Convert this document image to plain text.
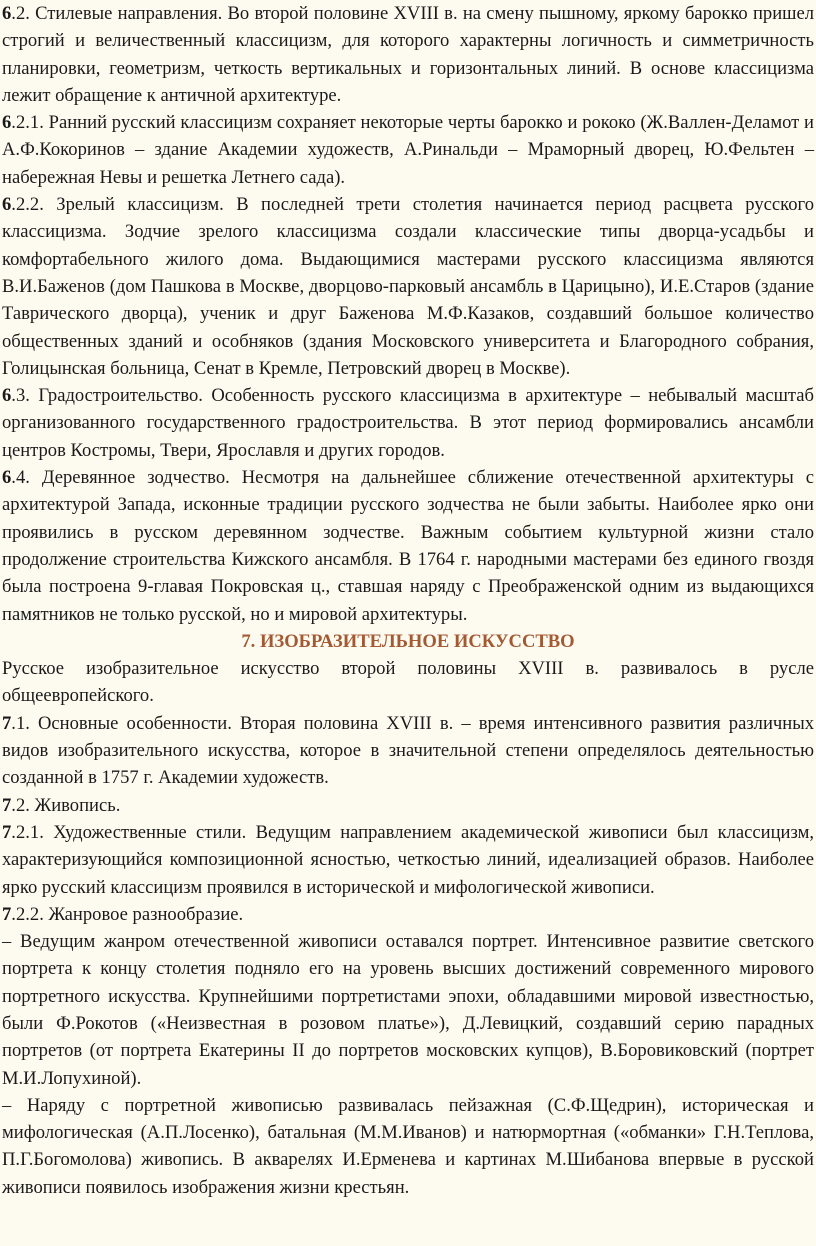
6.2. Стилевые направления. Во второй половине XVIII в. на смену пышному, яркому барокко пришел строгий и величественный классицизм, для которого характерны логичность и симметричность планировки, геометризм, четкость вертикальных и горизонтальных линий. В основе классицизма лежит обращение к античной архитектуре.

6.2.1. Ранний русский классицизм сохраняет некоторые черты барокко и рококо (Ж.Валлен-Деламот и А.Ф.Кокоринов – здание Академии художеств, А.Ринальди – Мраморный дворец, Ю.Фельтен – набережная Невы и решетка Летнего сада).

6.2.2. Зрелый классицизм. В последней трети столетия начинается период расцвета русского классицизма. Зодчие зрелого классицизма создали классические типы дворца-усадьбы и комфортабельного жилого дома. Выдающимися мастерами русского классицизма являются В.И.Баженов (дом Пашкова в Москве, дворцово-парковый ансамбль в Царицыно), И.Е.Старов (здание Таврического дворца), ученик и друг Баженова М.Ф.Казаков, создавший большое количество общественных зданий и особняков (здания Московского университета и Благородного собрания, Голицынская больница, Сенат в Кремле, Петровский дворец в Москве).

6.3. Градостроительство. Особенность русского классицизма в архитектуре – небывалый масштаб организованного государственного градостроительства. В этот период формировались ансамбли центров Костромы, Твери, Ярославля и других городов.

6.4. Деревянное зодчество. Несмотря на дальнейшее сближение отечественной архитектуры с архитектурой Запада, исконные традиции русского зодчества не были забыты. Наиболее ярко они проявились в русском деревянном зодчестве. Важным событием культурной жизни стало продолжение строительства Кижского ансамбля. В 1764 г. народными мастерами без единого гвоздя была построена 9-главая Покровская ц., ставшая наряду с Преображенской одним из выдающихся памятников не только русской, но и мировой архитектуры.

7. ИЗОБРАЗИТЕЛЬНОЕ ИСКУССТВО

Русское изобразительное искусство второй половины XVIII в. развивалось в русле общеевропейского.

7.1. Основные особенности. Вторая половина XVIII в. – время интенсивного развития различных видов изобразительного искусства, которое в значительной степени определялось деятельностью созданной в 1757 г. Академии художеств.

7.2. Живопись.

7.2.1. Художественные стили. Ведущим направлением академической живописи был классицизм, характеризующийся композиционной ясностью, четкостью линий, идеализацией образов. Наиболее ярко русский классицизм проявился в исторической и мифологической живописи.

7.2.2. Жанровое разнообразие.

– Ведущим жанром отечественной живописи оставался портрет. Интенсивное развитие светского портрета к концу столетия подняло его на уровень высших достижений современного мирового портретного искусства. Крупнейшими портретистами эпохи, обладавшими мировой известностью, были Ф.Рокотов («Неизвестная в розовом платье»), Д.Левицкий, создавший серию парадных портретов (от портрета Екатерины II до портретов московских купцов), В.Боровиковский (портрет М.И.Лопухиной).

– Наряду с портретной живописью развивалась пейзажная (С.Ф.Щедрин), историческая и мифологическая (А.П.Лосенко), батальная (М.М.Иванов) и натюрмортная («обманки» Г.Н.Теплова, П.Г.Богомолова) живопись. В акварелях И.Ерменева и картинах М.Шибанова впервые в русской живописи появилось изображения жизни крестьян.
